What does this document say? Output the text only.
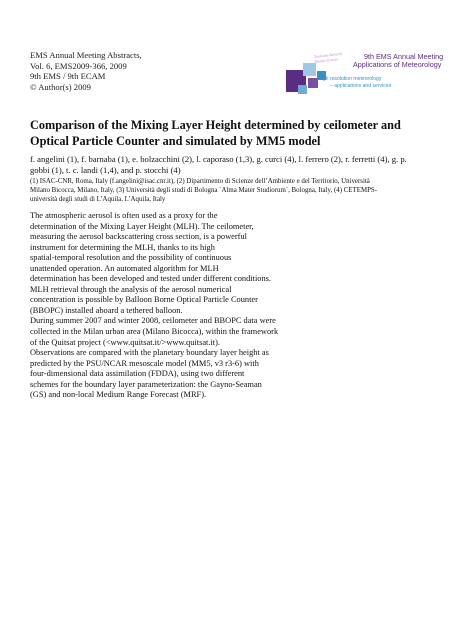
EMS Annual Meeting Abstracts,
Vol. 6, EMS2009-366, 2009
9th EMS / 9th ECAM
© Author(s) 2009
Toulouse-Bérards Hautes Graves	9th EMS Annual Meeting
Applications of Meteorology
High resolution meteorology
– applications and services
Comparison of the Mixing Layer Height determined by ceilometer and
Optical Particle Counter and simulated by MM5 model
f. angelini (1), f. barnaba (1), e. bolzacchini (2), l. caporaso (1,3), g. curci (4), l. ferrero (2), r. ferretti (4), g. p.
gobbi (1), t. c. landi (1,4), and p. stocchi (4)
(1) ISAC-CNR, Roma, Italy (f.angelini@isac.cnr.it), (2) Dipartimento di Scienze dell’Ambiente e del Territorio, Università
Milano Bicocca, Milano, Italy, (3) Università degli studi di Bologna `Alma Mater Studiorum`, Bologna, Italy, (4) CETEMPS-
università degli studi di L’Aquila, L’Aquila, Italy
The atmospheric aerosol is often used as a proxy for the
determination of the Mixing Layer Height (MLH). The ceilometer,
measuring the aerosol backscattering cross section, is a powerful
instrument for determining the MLH, thanks to its high
spatial-temporal resolution and the possibility of continuous
unattended operation. An automated algorithm for MLH
determination has been developed and tested under different conditions.
MLH retrieval through the analysis of the aerosol numerical
concentration is possible by Balloon Borne Optical Particle Counter
(BBOPC) installed aboard a tethered balloon.
During summer 2007 and winter 2008, ceilometer and BBOPC data were
collected in the Milan urban area (Milano Bicocca), within the framework
of the Quitsat project (<www.quitsat.it/>www.quitsat.it).
Observations are compared with the planetary boundary layer height as
predicted by the PSU/NCAR mesoscale model (MM5, v3 r3-6) with
four-dimensional data assimilation (FDDA), using two different
schemes for the boundary layer parameterization: the Gayno-Seaman
(GS) and non-local Medium Range Forecast (MRF).
